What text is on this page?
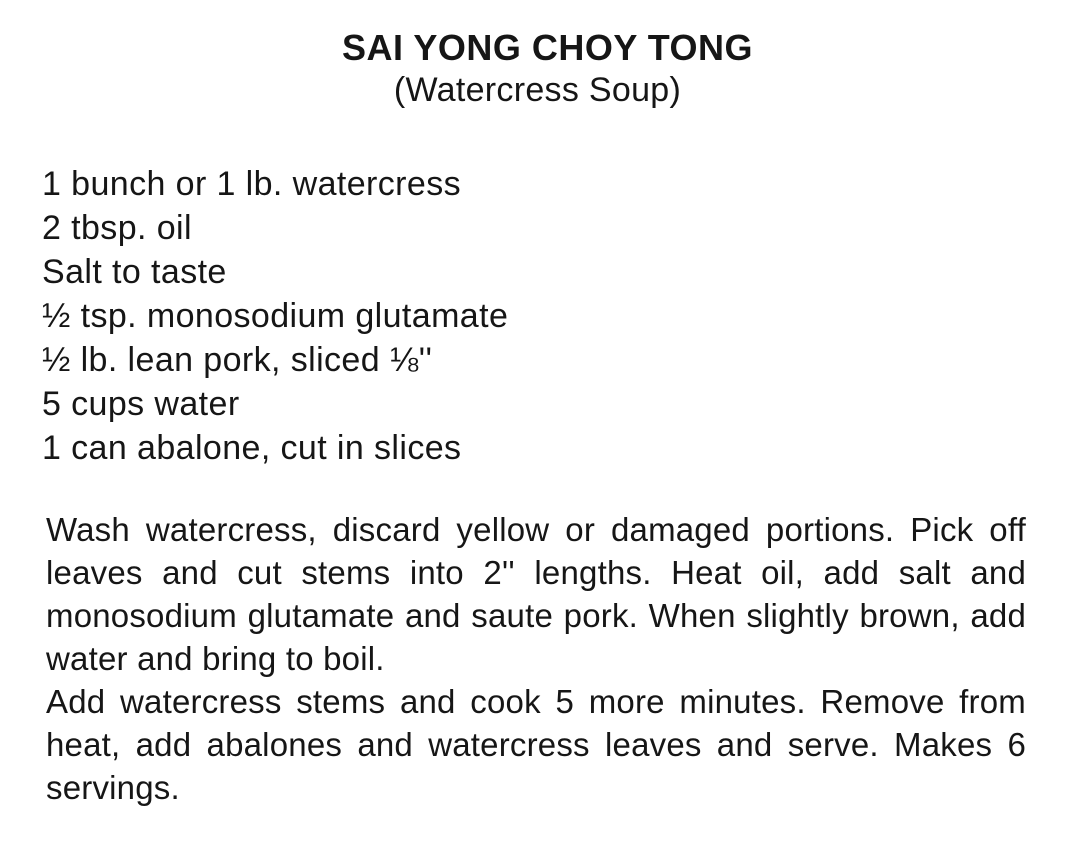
SAI YONG CHOY TONG

(Watercress Soup)

1 bunch or 1 lb. watercress
2 tbsp. oil
Salt to taste
½ tsp. monosodium glutamate
½ lb. lean pork, sliced ⅛''
5 cups water
1 can abalone, cut in slices

Wash watercress, discard yellow or damaged portions. Pick off leaves and cut stems into 2'' lengths. Heat oil, add salt and monosodium glutamate and saute pork. When slightly brown, add water and bring to boil.

Add watercress stems and cook 5 more minutes. Remove from heat, add abalones and watercress leaves and serve. Makes 6 servings.
